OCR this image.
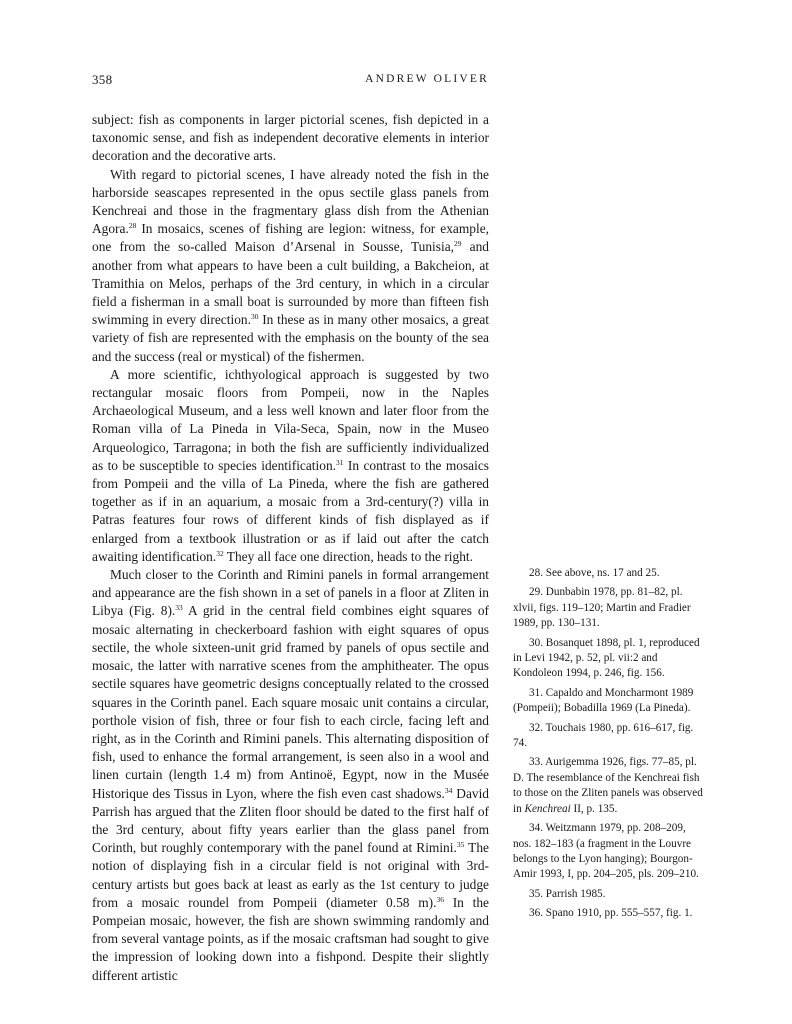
358	ANDREW OLIVER

subject: fish as components in larger pictorial scenes, fish depicted in a taxonomic sense, and fish as independent decorative elements in interior decoration and the decorative arts.

With regard to pictorial scenes, I have already noted the fish in the harborside seascapes represented in the opus sectile glass panels from Kenchreai and those in the fragmentary glass dish from the Athenian Agora.$^{28}$ In mosaics, scenes of fishing are legion: witness, for example, one from the so-called Maison d’Arsenal in Sousse, Tunisia,$^{29}$ and another from what appears to have been a cult building, a Bakcheion, at Tramithia on Melos, perhaps of the 3rd century, in which in a circular field a fisherman in a small boat is surrounded by more than fifteen fish swimming in every direction.$^{30}$ In these as in many other mosaics, a great variety of fish are represented with the emphasis on the bounty of the sea and the success (real or mystical) of the fishermen.

A more scientific, ichthyological approach is suggested by two rectangular mosaic floors from Pompeii, now in the Naples Archaeological Museum, and a less well known and later floor from the Roman villa of La Pineda in Vila-Seca, Spain, now in the Museo Arqueologico, Tarragona; in both the fish are sufficiently individualized as to be susceptible to species identification.$^{31}$ In contrast to the mosaics from Pompeii and the villa of La Pineda, where the fish are gathered together as if in an aquarium, a mosaic from a 3rd-century(?) villa in Patras features four rows of different kinds of fish displayed as if enlarged from a textbook illustration or as if laid out after the catch awaiting identification.$^{32}$ They all face one direction, heads to the right.

Much closer to the Corinth and Rimini panels in formal arrangement and appearance are the fish shown in a set of panels in a floor at Zliten in Libya (Fig. 8).$^{33}$ A grid in the central field combines eight squares of mosaic alternating in checkerboard fashion with eight squares of opus sectile, the whole sixteen-unit grid framed by panels of opus sectile and mosaic, the latter with narrative scenes from the amphitheater. The opus sectile squares have geometric designs conceptually related to the crossed squares in the Corinth panel. Each square mosaic unit contains a circular, porthole vision of fish, three or four fish to each circle, facing left and right, as in the Corinth and Rimini panels. This alternating disposition of fish, used to enhance the formal arrangement, is seen also in a wool and linen curtain (length 1.4 m) from Antinoë, Egypt, now in the Musée Historique des Tissus in Lyon, where the fish even cast shadows.$^{34}$ David Parrish has argued that the Zliten floor should be dated to the first half of the 3rd century, about fifty years earlier than the glass panel from Corinth, but roughly contemporary with the panel found at Rimini.$^{35}$ The notion of displaying fish in a circular field is not original with 3rd-century artists but goes back at least as early as the 1st century to judge from a mosaic roundel from Pompeii (diameter 0.58 m).$^{36}$ In the Pompeian mosaic, however, the fish are shown swimming randomly and from several vantage points, as if the mosaic craftsman had sought to give the impression of looking down into a fishpond. Despite their slightly different artistic

28. See above, ns. 17 and 25.

29. Dunbabin 1978, pp. 81–82, pl. xlvii, figs. 119–120; Martin and Fradier 1989, pp. 130–131.

30. Bosanquet 1898, pl. 1, reproduced in Levi 1942, p. 52, pl. vii:2 and Kondoleon 1994, p. 246, fig. 156.

31. Capaldo and Moncharmont 1989 (Pompeii); Bobadilla 1969 (La Pineda).

32. Touchais 1980, pp. 616–617, fig. 74.

33. Aurigemma 1926, figs. 77–85, pl. D. The resemblance of the Kenchreai fish to those on the Zliten panels was observed in Kenchreai II, p. 135.

34. Weitzmann 1979, pp. 208–209, nos. 182–183 (a fragment in the Louvre belongs to the Lyon hanging); Bourgon-Amir 1993, I, pp. 204–205, pls. 209–210.

35. Parrish 1985.

36. Spano 1910, pp. 555–557, fig. 1.
